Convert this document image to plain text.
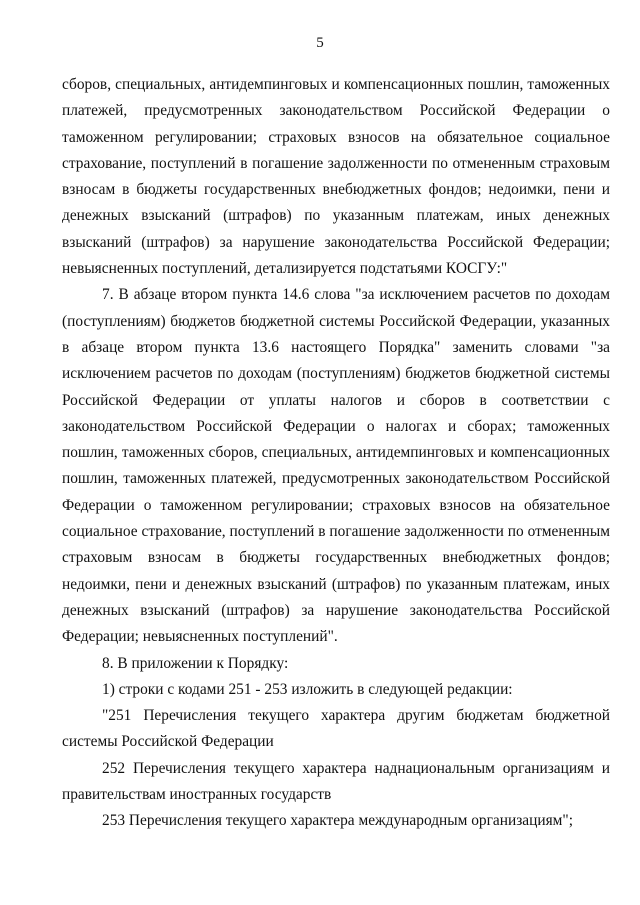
5

сборов, специальных, антидемпинговых и компенсационных пошлин, таможенных платежей, предусмотренных законодательством Российской Федерации о таможенном регулировании; страховых взносов на обязательное социальное страхование, поступлений в погашение задолженности по отмененным страховым взносам в бюджеты государственных внебюджетных фондов; недоимки, пени и денежных взысканий (штрафов) по указанным платежам, иных денежных взысканий (штрафов) за нарушение законодательства Российской Федерации; невыясненных поступлений, детализируется подстатьями КОСГУ:"

7. В абзаце втором пункта 14.6 слова "за исключением расчетов по доходам (поступлениям) бюджетов бюджетной системы Российской Федерации, указанных в абзаце втором пункта 13.6 настоящего Порядка" заменить словами "за исключением расчетов по доходам (поступлениям) бюджетов бюджетной системы Российской Федерации от уплаты налогов и сборов в соответствии с законодательством Российской Федерации о налогах и сборах; таможенных пошлин, таможенных сборов, специальных, антидемпинговых и компенсационных пошлин, таможенных платежей, предусмотренных законодательством Российской Федерации о таможенном регулировании; страховых взносов на обязательное социальное страхование, поступлений в погашение задолженности по отмененным страховым взносам в бюджеты государственных внебюджетных фондов; недоимки, пени и денежных взысканий (штрафов) по указанным платежам, иных денежных взысканий (штрафов) за нарушение законодательства Российской Федерации; невыясненных поступлений".

8. В приложении к Порядку:

1) строки с кодами 251 - 253 изложить в следующей редакции:

"251 Перечисления текущего характера другим бюджетам бюджетной системы Российской Федерации

252 Перечисления текущего характера наднациональным организациям и правительствам иностранных государств

253 Перечисления текущего характера международным организациям";
